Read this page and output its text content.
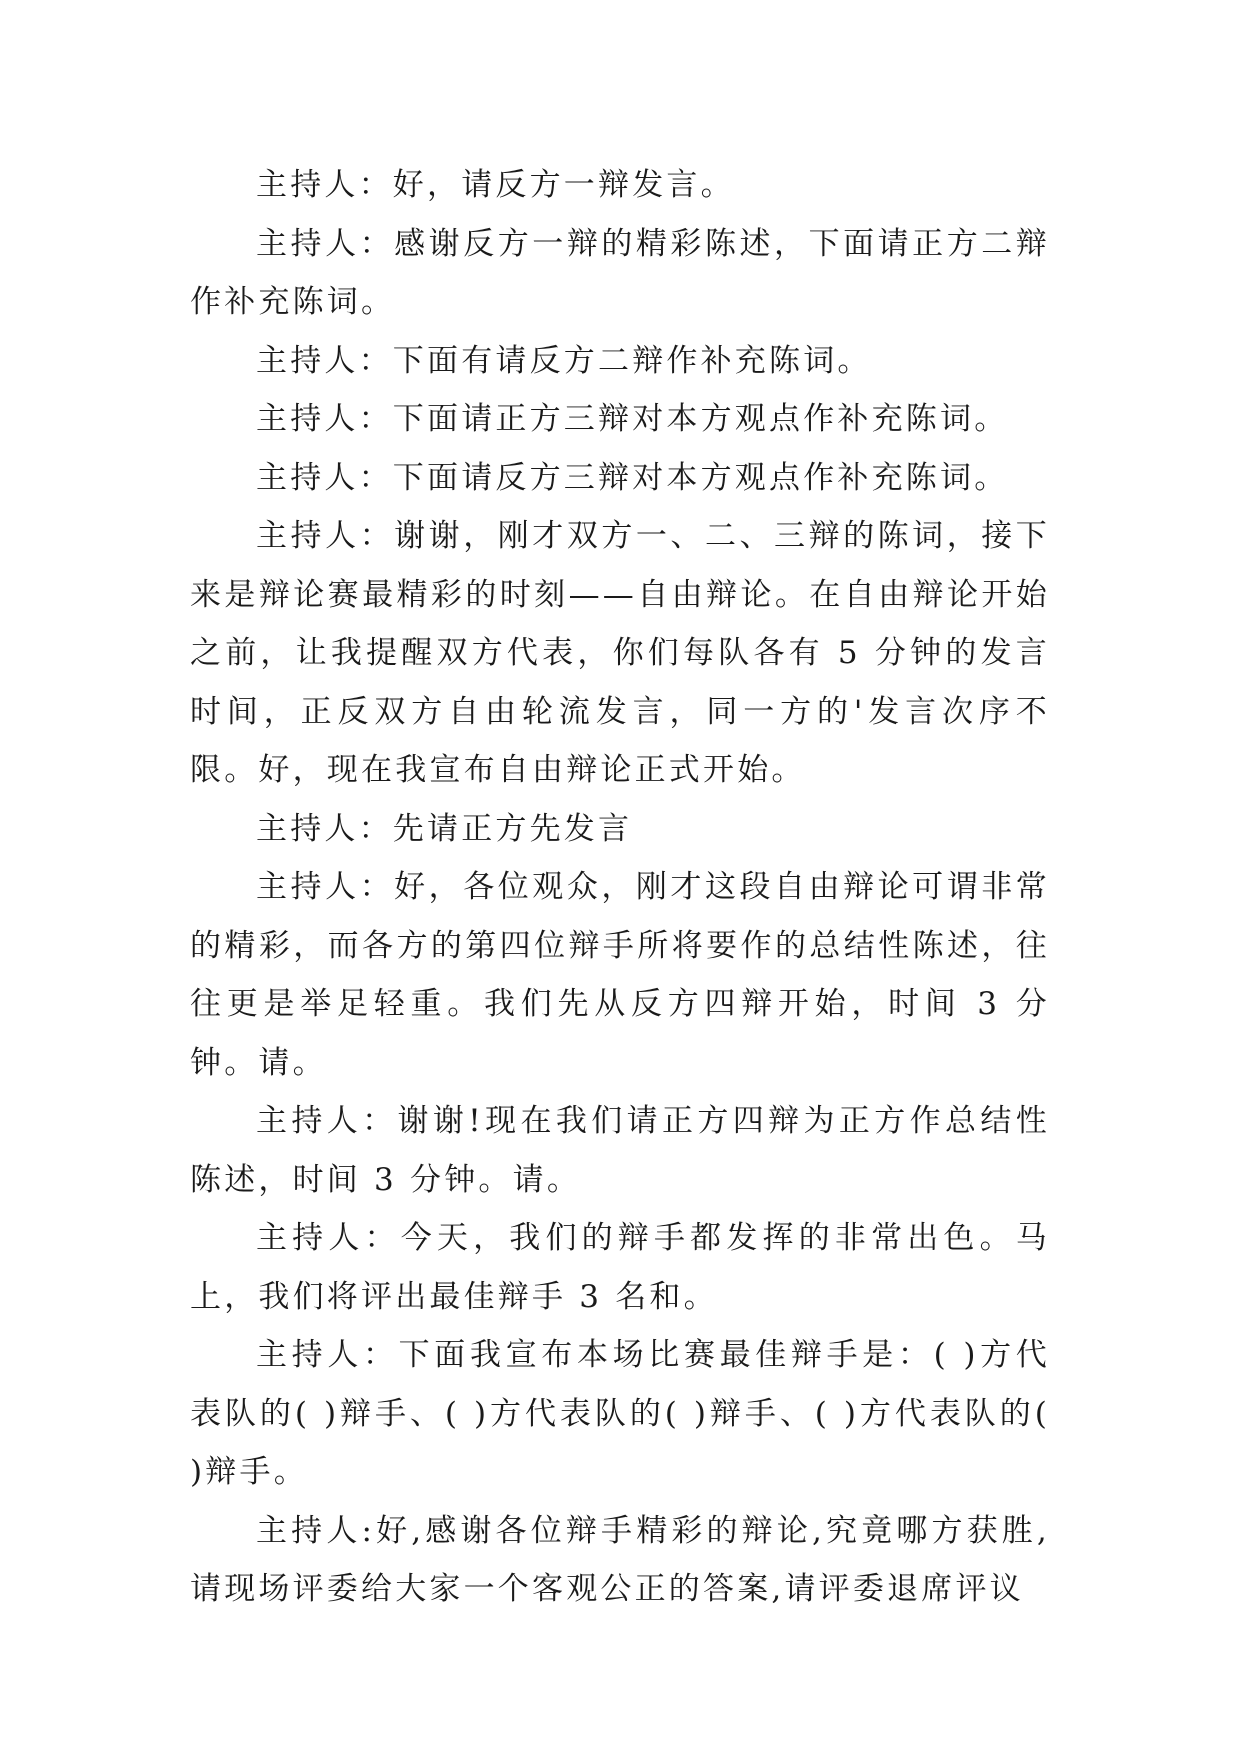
主持人：好，请反方一辩发言。

主持人：感谢反方一辩的精彩陈述，下面请正方二辩作补充陈词。

主持人：下面有请反方二辩作补充陈词。

主持人：下面请正方三辩对本方观点作补充陈词。

主持人：下面请反方三辩对本方观点作补充陈词。

主持人：谢谢，刚才双方一、二、三辩的陈词，接下来是辩论赛最精彩的时刻——自由辩论。在自由辩论开始之前，让我提醒双方代表，你们每队各有 5 分钟的发言时间，正反双方自由轮流发言，同一方的'发言次序不限。好，现在我宣布自由辩论正式开始。

主持人：先请正方先发言

主持人：好，各位观众，刚才这段自由辩论可谓非常的精彩，而各方的第四位辩手所将要作的总结性陈述，往往更是举足轻重。我们先从反方四辩开始，时间 3 分钟。请。

主持人：谢谢!现在我们请正方四辩为正方作总结性陈述，时间 3 分钟。请。

主持人：今天，我们的辩手都发挥的非常出色。马上，我们将评出最佳辩手 3 名和。

主持人：下面我宣布本场比赛最佳辩手是：( )方代表队的( )辩手、( )方代表队的( )辩手、( )方代表队的( )辩手。

主持人:好,感谢各位辩手精彩的辩论,究竟哪方获胜,请现场评委给大家一个客观公正的答案,请评委退席评议
